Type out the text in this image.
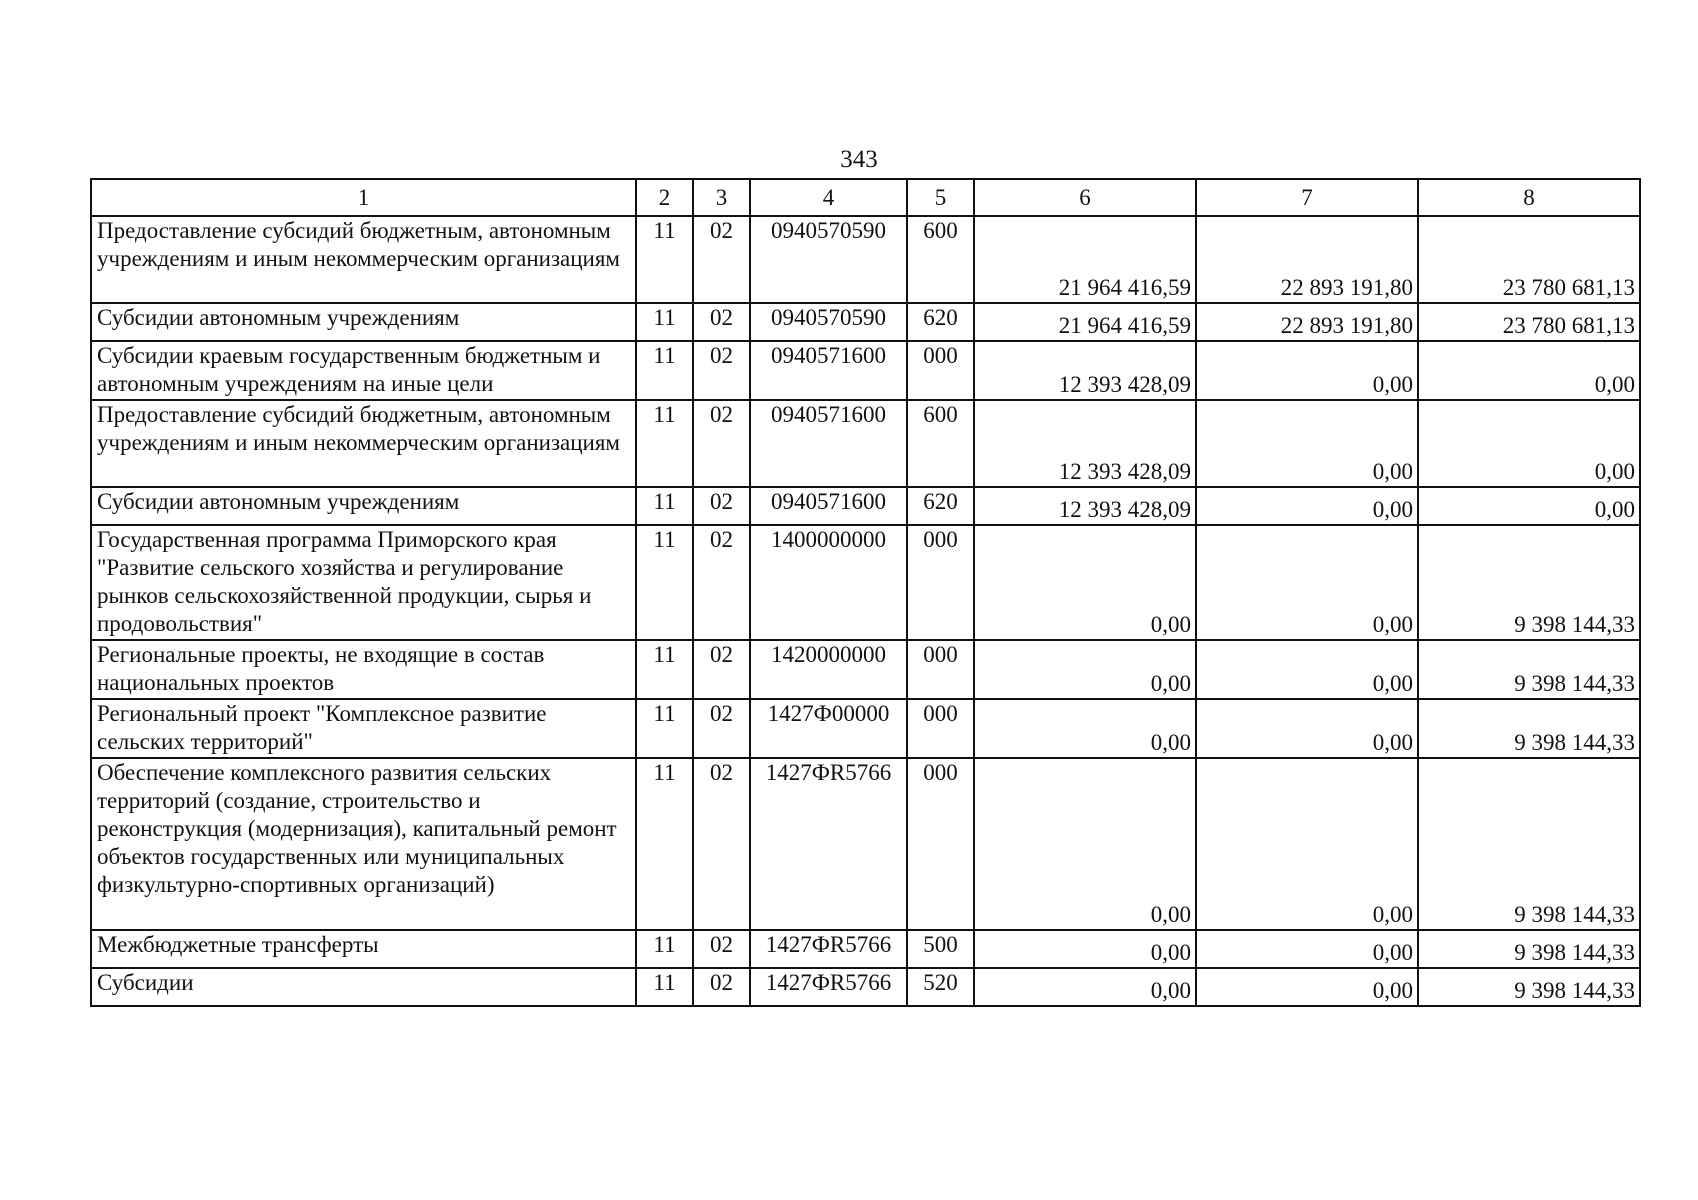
343
1	2	3	4	5	6	7	8
Предоставление субсидий бюджетным, автономным учреждениям и иным некоммерческим организациям	11	02	0940570590	600	21 964 416,59	22 893 191,80	23 780 681,13
Субсидии автономным учреждениям	11	02	0940570590	620	21 964 416,59	22 893 191,80	23 780 681,13
Субсидии краевым государственным бюджетным и автономным учреждениям на иные цели	11	02	0940571600	000	12 393 428,09	0,00	0,00
Предоставление субсидий бюджетным, автономным учреждениям и иным некоммерческим организациям	11	02	0940571600	600	12 393 428,09	0,00	0,00
Субсидии автономным учреждениям	11	02	0940571600	620	12 393 428,09	0,00	0,00
Государственная программа Приморского края "Развитие сельского хозяйства и регулирование рынков сельскохозяйственной продукции, сырья и продовольствия"	11	02	1400000000	000	0,00	0,00	9 398 144,33
Региональные проекты, не входящие в состав национальных проектов	11	02	1420000000	000	0,00	0,00	9 398 144,33
Региональный проект "Комплексное развитие сельских территорий"	11	02	1427Ф00000	000	0,00	0,00	9 398 144,33
Обеспечение комплексного развития сельских территорий (создание, строительство и реконструкция (модернизация), капитальный ремонт объектов государственных или муниципальных физкультурно-спортивных организаций)	11	02	1427ФR5766	000	0,00	0,00	9 398 144,33
Межбюджетные трансферты	11	02	1427ФR5766	500	0,00	0,00	9 398 144,33
Субсидии	11	02	1427ФR5766	520	0,00	0,00	9 398 144,33
